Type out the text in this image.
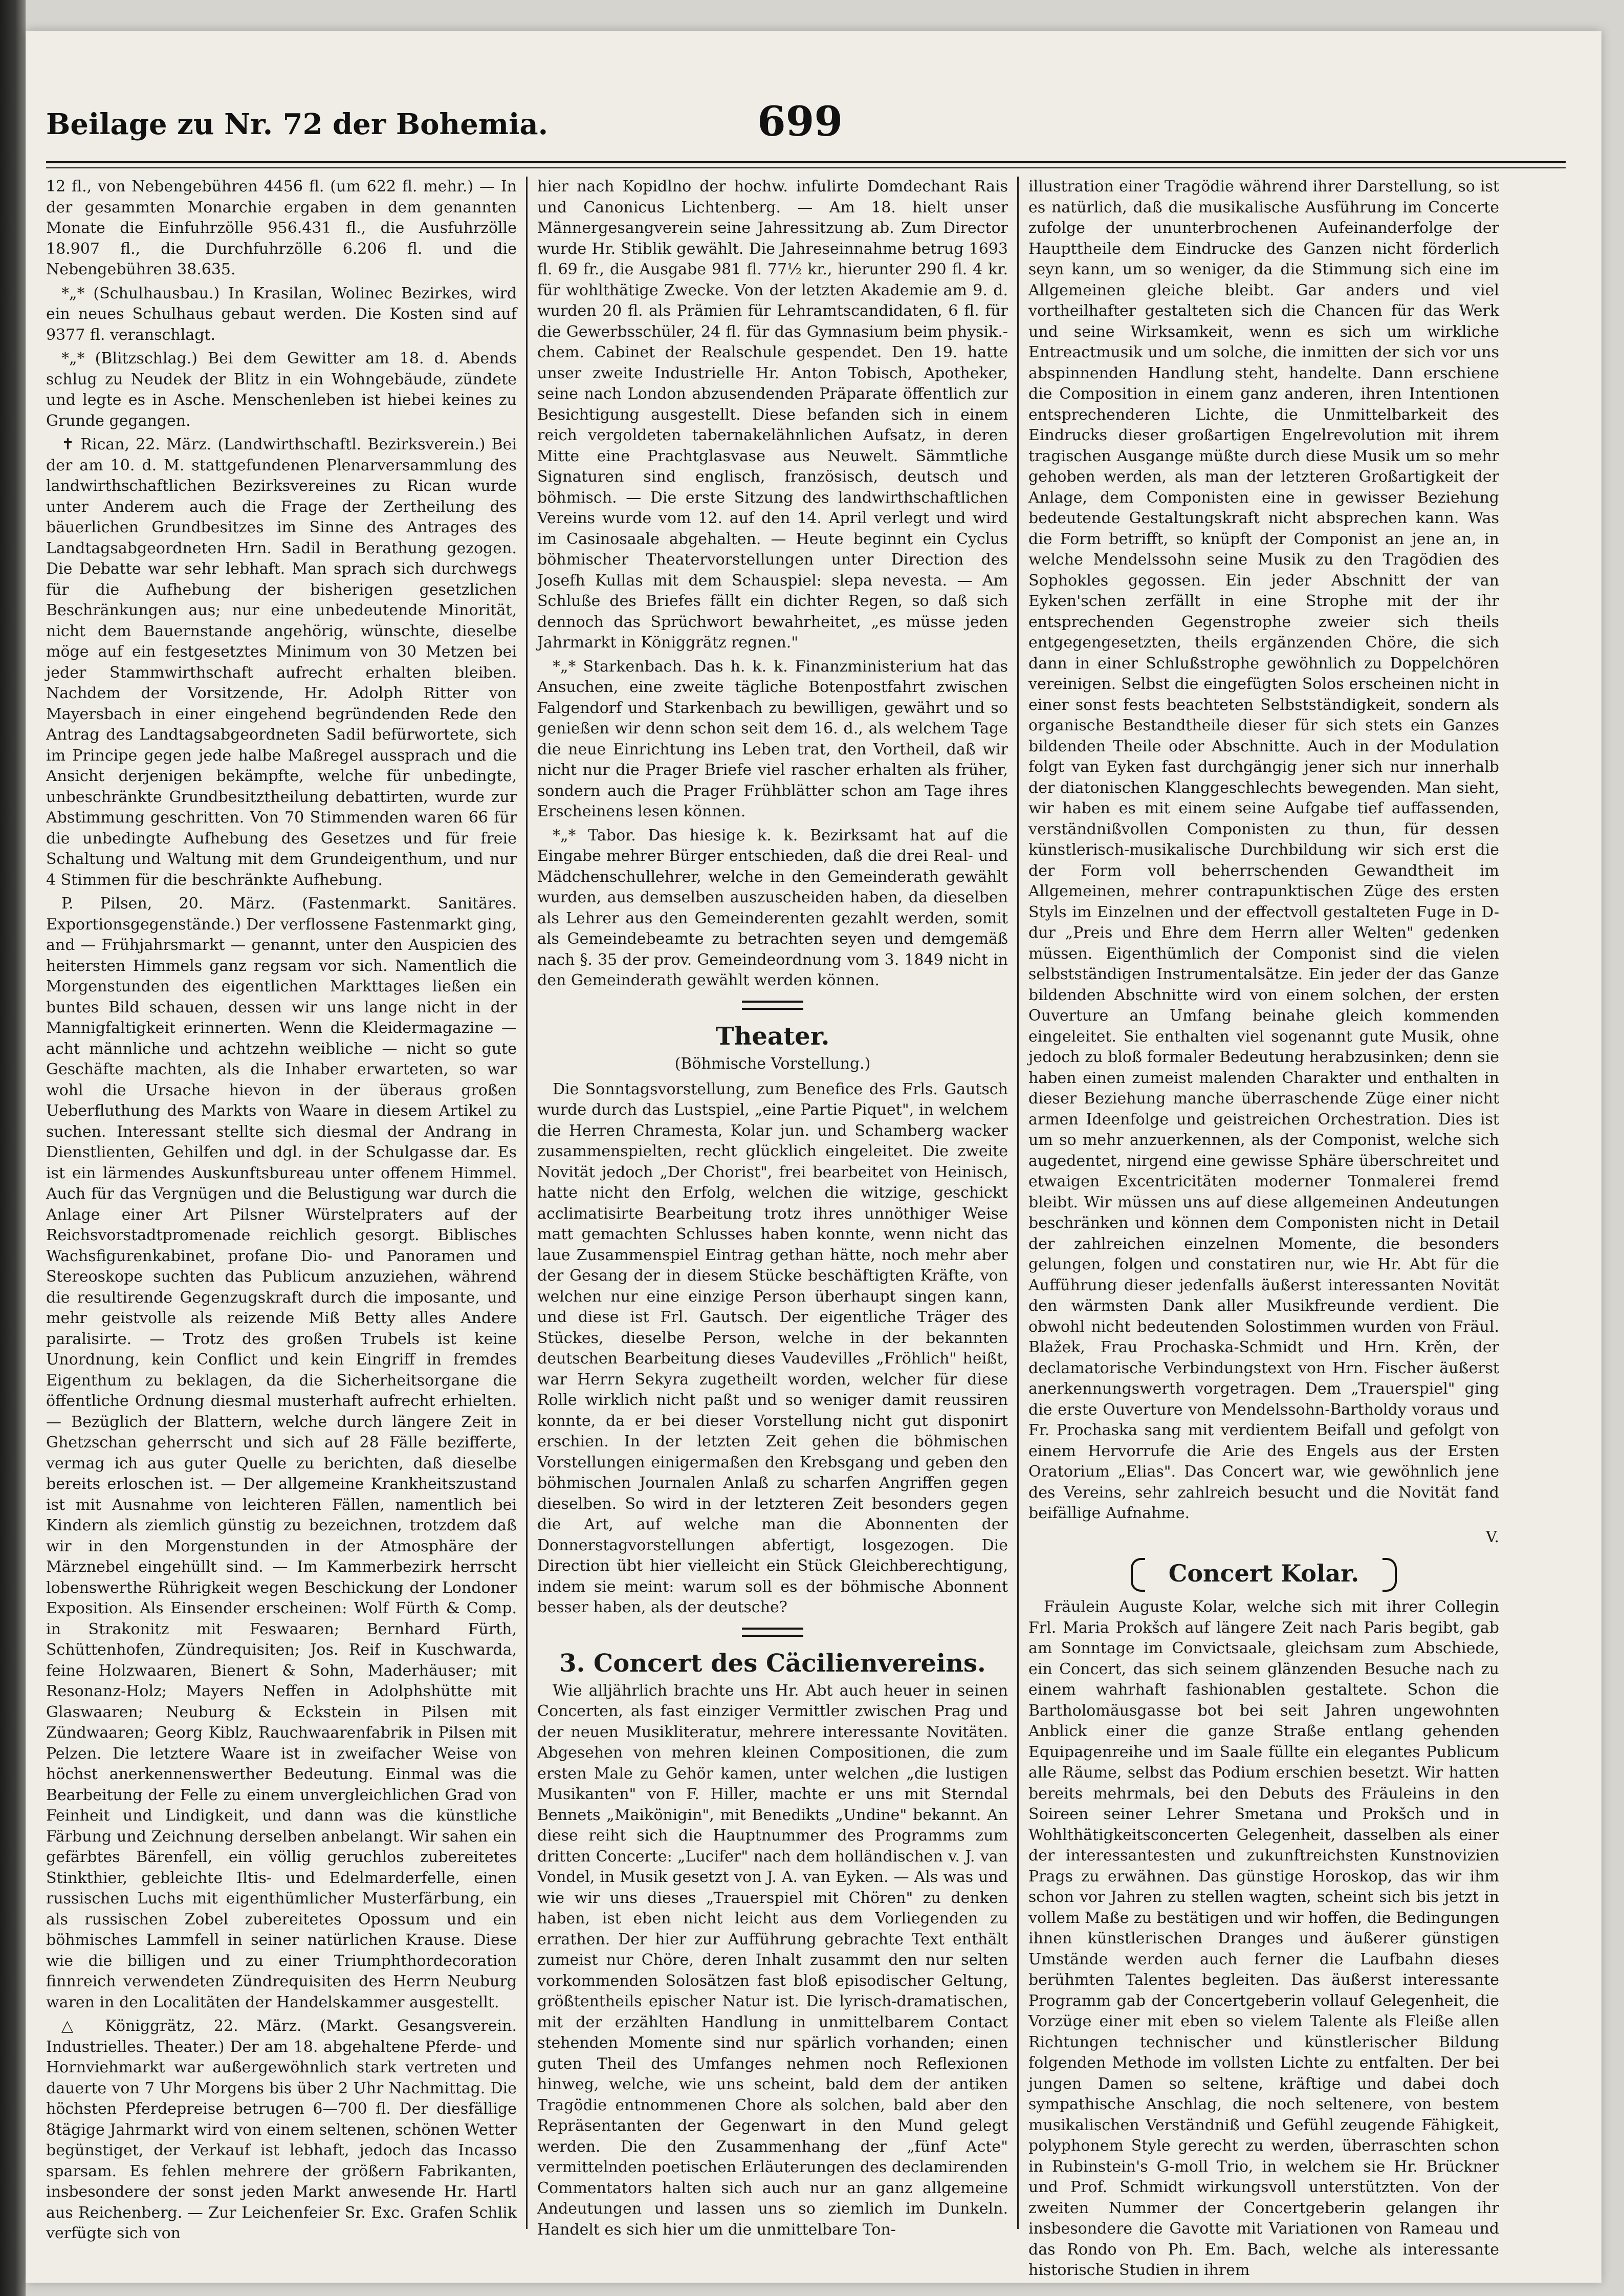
Beilage zu Nr. 72 der Bohemia.	699

12 fl., von Nebengebühren 4456 fl. (um 622 fl. mehr.) — In der gesammten Monarchie ergaben in dem genannten Monate die Einfuhrzölle 956.431 fl., die Ausfuhrzölle 18.907 fl., die Durchfuhrzölle 6.206 fl. und die Nebengebühren 38.635.

*„* (Schulhausbau.) In Krasilan, Wolinec Bezirkes, wird ein neues Schulhaus gebaut werden. Die Kosten sind auf 9377 fl. veranschlagt.

*„* (Blitzschlag.) Bei dem Gewitter am 18. d. Abends schlug zu Neudek der Blitz in ein Wohngebäude, zündete und legte es in Asche. Menschenleben ist hiebei keines zu Grunde gegangen.

✝ Rican, 22. März. (Landwirthschaftl. Bezirksverein.) Bei der am 10. d. M. stattgefundenen Plenarversammlung des landwirthschaftlichen Bezirksvereines zu Rican wurde unter Anderem auch die Frage der Zertheilung des bäuerlichen Grundbesitzes im Sinne des Antrages des Landtagsabgeordneten Hrn. Sadil in Berathung gezogen. Die Debatte war sehr lebhaft. Man sprach sich durchwegs für die Aufhebung der bisherigen gesetzlichen Beschränkungen aus; nur eine unbedeutende Minorität, nicht dem Bauernstande angehörig, wünschte, dieselbe möge auf ein festgesetztes Minimum von 30 Metzen bei jeder Stammwirthschaft aufrecht erhalten bleiben. Nachdem der Vorsitzende, Hr. Adolph Ritter von Mayersbach in einer eingehend begründenden Rede den Antrag des Landtagsabgeordneten Sadil befürwortete, sich im Principe gegen jede halbe Maßregel aussprach und die Ansicht derjenigen bekämpfte, welche für unbedingte, unbeschränkte Grundbesitztheilung debattirten, wurde zur Abstimmung geschritten. Von 70 Stimmenden waren 66 für die unbedingte Aufhebung des Gesetzes und für freie Schaltung und Waltung mit dem Grundeigenthum, und nur 4 Stimmen für die beschränkte Aufhebung.

P. Pilsen, 20. März. (Fastenmarkt. Sanitäres. Exportionsgegenstände.) Der verflossene Fastenmarkt ging, and — Frühjahrsmarkt — genannt, unter den Auspicien des heitersten Himmels ganz regsam vor sich. Namentlich die Morgenstunden des eigentlichen Markttages ließen ein buntes Bild schauen, dessen wir uns lange nicht in der Mannigfaltigkeit erinnerten. Wenn die Kleidermagazine — acht männliche und achtzehn weibliche — nicht so gute Geschäfte machten, als die Inhaber erwarteten, so war wohl die Ursache hievon in der überaus großen Ueberfluthung des Markts von Waare in diesem Artikel zu suchen. Interessant stellte sich diesmal der Andrang in Dienstlienten, Gehilfen und dgl. in der Schulgasse dar. Es ist ein lärmendes Auskunftsbureau unter offenem Himmel. Auch für das Vergnügen und die Belustigung war durch die Anlage einer Art Pilsner Würstelpraters auf der Reichsvorstadtpromenade reichlich gesorgt. Biblisches Wachsfigurenkabinet, profane Dio- und Panoramen und Stereoskope suchten das Publicum anzuziehen, während die resultirende Gegenzugskraft durch die imposante, und mehr geistvolle als reizende Miß Betty alles Andere paralisirte. — Trotz des großen Trubels ist keine Unordnung, kein Conflict und kein Eingriff in fremdes Eigenthum zu beklagen, da die Sicherheitsorgane die öffentliche Ordnung diesmal musterhaft aufrecht erhielten. — Bezüglich der Blattern, welche durch längere Zeit in Ghetzschan geherrscht und sich auf 28 Fälle bezifferte, vermag ich aus guter Quelle zu berichten, daß dieselbe bereits erloschen ist. — Der allgemeine Krankheitszustand ist mit Ausnahme von leichteren Fällen, namentlich bei Kindern als ziemlich günstig zu bezeichnen, trotzdem daß wir in den Morgenstunden in der Atmosphäre der Märznebel eingehüllt sind. — Im Kammerbezirk herrscht lobenswerthe Rührigkeit wegen Beschickung der Londoner Exposition. Als Einsender erscheinen: Wolf Fürth & Comp. in Strakonitz mit Feswaaren; Bernhard Fürth, Schüttenhofen, Zündrequisiten; Jos. Reif in Kuschwarda, feine Holzwaaren, Bienert & Sohn, Maderhäuser; mit Resonanz-Holz; Mayers Neffen in Adolphshütte mit Glaswaaren; Neuburg & Eckstein in Pilsen mit Zündwaaren; Georg Kiblz, Rauchwaarenfabrik in Pilsen mit Pelzen. Die letztere Waare ist in zweifacher Weise von höchst anerkennenswerther Bedeutung. Einmal was die Bearbeitung der Felle zu einem unvergleichlichen Grad von Feinheit und Lindigkeit, und dann was die künstliche Färbung und Zeichnung derselben anbelangt. Wir sahen ein gefärbtes Bärenfell, ein völlig geruchlos zubereitetes Stinkthier, gebleichte Iltis- und Edelmarderfelle, einen russischen Luchs mit eigenthümlicher Musterfärbung, ein als russischen Zobel zubereitetes Opossum und ein böhmisches Lammfell in seiner natürlichen Krause. Diese wie die billigen und zu einer Triumphthordecoration finnreich verwendeten Zündrequisiten des Herrn Neuburg waren in den Localitäten der Handelskammer ausgestellt.

△ Königgrätz, 22. März. (Markt. Gesangsverein. Industrielles. Theater.) Der am 18. abgehaltene Pferde- und Hornviehmarkt war außergewöhnlich stark vertreten und dauerte von 7 Uhr Morgens bis über 2 Uhr Nachmittag. Die höchsten Pferdepreise betrugen 6—700 fl. Der diesfällige 8tägige Jahrmarkt wird von einem seltenen, schönen Wetter begünstiget, der Verkauf ist lebhaft, jedoch das Incasso sparsam. Es fehlen mehrere der größern Fabrikanten, insbesondere der sonst jeden Markt anwesende Hr. Hartl aus Reichenberg. — Zur Leichenfeier Sr. Exc. Grafen Schlik verfügte sich von

hier nach Kopidlno der hochw. infulirte Domdechant Rais und Canonicus Lichtenberg. — Am 18. hielt unser Männergesangverein seine Jahressitzung ab. Zum Director wurde Hr. Stiblik gewählt. Die Jahreseinnahme betrug 1693 fl. 69 fr., die Ausgabe 981 fl. 77½ kr., hierunter 290 fl. 4 kr. für wohlthätige Zwecke. Von der letzten Akademie am 9. d. wurden 20 fl. als Prämien für Lehramtscandidaten, 6 fl. für die Gewerbsschüler, 24 fl. für das Gymnasium beim physik.-chem. Cabinet der Realschule gespendet. Den 19. hatte unser zweite Industrielle Hr. Anton Tobisch, Apotheker, seine nach London abzusendenden Präparate öffentlich zur Besichtigung ausgestellt. Diese befanden sich in einem reich vergoldeten tabernakelähnlichen Aufsatz, in deren Mitte eine Prachtglasvase aus Neuwelt. Sämmtliche Signaturen sind englisch, französisch, deutsch und böhmisch. — Die erste Sitzung des landwirthschaftlichen Vereins wurde vom 12. auf den 14. April verlegt und wird im Casinosaale abgehalten. — Heute beginnt ein Cyclus böhmischer Theatervorstellungen unter Direction des Josefh Kullas mit dem Schauspiel: slepa nevesta. — Am Schluße des Briefes fällt ein dichter Regen, so daß sich dennoch das Sprüchwort bewahrheitet, „es müsse jeden Jahrmarkt in Königgrätz regnen."

*„* Starkenbach. Das h. k. k. Finanzministerium hat das Ansuchen, eine zweite tägliche Botenpostfahrt zwischen Falgendorf und Starkenbach zu bewilligen, gewährt und so genießen wir denn schon seit dem 16. d., als welchem Tage die neue Einrichtung ins Leben trat, den Vortheil, daß wir nicht nur die Prager Briefe viel rascher erhalten als früher, sondern auch die Prager Frühblätter schon am Tage ihres Erscheinens lesen können.

*„* Tabor. Das hiesige k. k. Bezirksamt hat auf die Eingabe mehrer Bürger entschieden, daß die drei Real- und Mädchenschullehrer, welche in den Gemeinderath gewählt wurden, aus demselben auszuscheiden haben, da dieselben als Lehrer aus den Gemeinderenten gezahlt werden, somit als Gemeindebeamte zu betrachten seyen und demgemäß nach §. 35 der prov. Gemeindeordnung vom 3. 1849 nicht in den Gemeinderath gewählt werden können.

Theater.
(Böhmische Vorstellung.)

Die Sonntagsvorstellung, zum Benefice des Frls. Gautsch wurde durch das Lustspiel, „eine Partie Piquet", in welchem die Herren Chramesta, Kolar jun. und Schamberg wacker zusammenspielten, recht glücklich eingeleitet. Die zweite Novität jedoch „Der Chorist", frei bearbeitet von Heinisch, hatte nicht den Erfolg, welchen die witzige, geschickt acclimatisirte Bearbeitung trotz ihres unnöthiger Weise matt gemachten Schlusses haben konnte, wenn nicht das laue Zusammenspiel Eintrag gethan hätte, noch mehr aber der Gesang der in diesem Stücke beschäftigten Kräfte, von welchen nur eine einzige Person überhaupt singen kann, und diese ist Frl. Gautsch. Der eigentliche Träger des Stückes, dieselbe Person, welche in der bekannten deutschen Bearbeitung dieses Vaudevilles „Fröhlich" heißt, war Herrn Sekyra zugetheilt worden, welcher für diese Rolle wirklich nicht paßt und so weniger damit reussiren konnte, da er bei dieser Vorstellung nicht gut disponirt erschien. In der letzten Zeit gehen die böhmischen Vorstellungen einigermaßen den Krebsgang und geben den böhmischen Journalen Anlaß zu scharfen Angriffen gegen dieselben. So wird in der letzteren Zeit besonders gegen die Art, auf welche man die Abonnenten der Donnerstagvorstellungen abfertigt, losgezogen. Die Direction übt hier vielleicht ein Stück Gleichberechtigung, indem sie meint: warum soll es der böhmische Abonnent besser haben, als der deutsche?

3. Concert des Cäcilienvereins.

Wie alljährlich brachte uns Hr. Abt auch heuer in seinen Concerten, als fast einziger Vermittler zwischen Prag und der neuen Musikliteratur, mehrere interessante Novitäten. Abgesehen von mehren kleinen Compositionen, die zum ersten Male zu Gehör kamen, unter welchen „die lustigen Musikanten" von F. Hiller, machte er uns mit Sterndal Bennets „Maikönigin", mit Benedikts „Undine" bekannt. An diese reiht sich die Hauptnummer des Programms zum dritten Concerte: „Lucifer" nach dem holländischen v. J. van Vondel, in Musik gesetzt von J. A. van Eyken. — Als was und wie wir uns dieses „Trauerspiel mit Chören" zu denken haben, ist eben nicht leicht aus dem Vorliegenden zu errathen. Der hier zur Aufführung gebrachte Text enthält zumeist nur Chöre, deren Inhalt zusammt den nur selten vorkommenden Solosätzen fast bloß episodischer Geltung, größtentheils epischer Natur ist. Die lyrisch-dramatischen, mit der erzählten Handlung in unmittelbarem Contact stehenden Momente sind nur spärlich vorhanden; einen guten Theil des Umfanges nehmen noch Reflexionen hinweg, welche, wie uns scheint, bald dem der antiken Tragödie entnommenen Chore als solchen, bald aber den Repräsentanten der Gegenwart in den Mund gelegt werden. Die den Zusammenhang der „fünf Acte" vermittelnden poetischen Erläuterungen des declamirenden Commentators halten sich auch nur an ganz allgemeine Andeutungen und lassen uns so ziemlich im Dunkeln. Handelt es sich hier um die unmittelbare Ton-

illustration einer Tragödie während ihrer Darstellung, so ist es natürlich, daß die musikalische Ausführung im Concerte zufolge der ununterbrochenen Aufeinanderfolge der Haupttheile dem Eindrucke des Ganzen nicht förderlich seyn kann, um so weniger, da die Stimmung sich eine im Allgemeinen gleiche bleibt. Gar anders und viel vortheilhafter gestalteten sich die Chancen für das Werk und seine Wirksamkeit, wenn es sich um wirkliche Entreactmusik und um solche, die inmitten der sich vor uns abspinnenden Handlung steht, handelte. Dann erschiene die Composition in einem ganz anderen, ihren Intentionen entsprechenderen Lichte, die Unmittelbarkeit des Eindrucks dieser großartigen Engelrevolution mit ihrem tragischen Ausgange müßte durch diese Musik um so mehr gehoben werden, als man der letzteren Großartigkeit der Anlage, dem Componisten eine in gewisser Beziehung bedeutende Gestaltungskraft nicht absprechen kann. Was die Form betrifft, so knüpft der Componist an jene an, in welche Mendelssohn seine Musik zu den Tragödien des Sophokles gegossen. Ein jeder Abschnitt der van Eyken'schen zerfällt in eine Strophe mit der ihr entsprechenden Gegenstrophe zweier sich theils entgegengesetzten, theils ergänzenden Chöre, die sich dann in einer Schlußstrophe gewöhnlich zu Doppelchören vereinigen. Selbst die eingefügten Solos erscheinen nicht in einer sonst fests beachteten Selbstständigkeit, sondern als organische Bestandtheile dieser für sich stets ein Ganzes bildenden Theile oder Abschnitte. Auch in der Modulation folgt van Eyken fast durchgängig jener sich nur innerhalb der diatonischen Klanggeschlechts bewegenden. Man sieht, wir haben es mit einem seine Aufgabe tief auffassenden, verständnißvollen Componisten zu thun, für dessen künstlerisch-musikalische Durchbildung wir sich erst die der Form voll beherrschenden Gewandtheit im Allgemeinen, mehrer contrapunktischen Züge des ersten Styls im Einzelnen und der effectvoll gestalteten Fuge in D-dur „Preis und Ehre dem Herrn aller Welten" gedenken müssen. Eigenthümlich der Componist sind die vielen selbstständigen Instrumentalsätze. Ein jeder der das Ganze bildenden Abschnitte wird von einem solchen, der ersten Ouverture an Umfang beinahe gleich kommenden eingeleitet. Sie enthalten viel sogenannt gute Musik, ohne jedoch zu bloß formaler Bedeutung herabzusinken; denn sie haben einen zumeist malenden Charakter und enthalten in dieser Beziehung manche überraschende Züge einer nicht armen Ideenfolge und geistreichen Orchestration. Dies ist um so mehr anzuerkennen, als der Componist, welche sich augedentet, nirgend eine gewisse Sphäre überschreitet und etwaigen Excentricitäten moderner Tonmalerei fremd bleibt. Wir müssen uns auf diese allgemeinen Andeutungen beschränken und können dem Componisten nicht in Detail der zahlreichen einzelnen Momente, die besonders gelungen, folgen und constatiren nur, wie Hr. Abt für die Aufführung dieser jedenfalls äußerst interessanten Novität den wärmsten Dank aller Musikfreunde verdient. Die obwohl nicht bedeutenden Solostimmen wurden von Fräul. Blažek, Frau Prochaska-Schmidt und Hrn. Krěn, der declamatorische Verbindungstext von Hrn. Fischer äußerst anerkennungswerth vorgetragen. Dem „Trauerspiel" ging die erste Ouverture von Mendelssohn-Bartholdy voraus und Fr. Prochaska sang mit verdientem Beifall und gefolgt von einem Hervorrufe die Arie des Engels aus der Ersten Oratorium „Elias". Das Concert war, wie gewöhnlich jene des Vereins, sehr zahlreich besucht und die Novität fand beifällige Aufnahme.

V.

Concert Kolar.

Fräulein Auguste Kolar, welche sich mit ihrer Collegin Frl. Maria Prokšch auf längere Zeit nach Paris begibt, gab am Sonntage im Convictsaale, gleichsam zum Abschiede, ein Concert, das sich seinem glänzenden Besuche nach zu einem wahrhaft fashionablen gestaltete. Schon die Bartholomäusgasse bot bei seit Jahren ungewohnten Anblick einer die ganze Straße entlang gehenden Equipagenreihe und im Saale füllte ein elegantes Publicum alle Räume, selbst das Podium erschien besetzt. Wir hatten bereits mehrmals, bei den Debuts des Fräuleins in den Soireen seiner Lehrer Smetana und Prokšch und in Wohlthätigkeitsconcerten Gelegenheit, dasselben als einer der interessantesten und zukunftreichsten Kunstnovizien Prags zu erwähnen. Das günstige Horoskop, das wir ihm schon vor Jahren zu stellen wagten, scheint sich bis jetzt in vollem Maße zu bestätigen und wir hoffen, die Bedingungen ihnen künstlerischen Dranges und äußerer günstigen Umstände werden auch ferner die Laufbahn dieses berühmten Talentes begleiten. Das äußerst interessante Programm gab der Concertgeberin vollauf Gelegenheit, die Vorzüge einer mit eben so vielem Talente als Fleiße allen Richtungen technischer und künstlerischer Bildung folgenden Methode im vollsten Lichte zu entfalten. Der bei jungen Damen so seltene, kräftige und dabei doch sympathische Anschlag, die noch seltenere, von bestem musikalischen Verständniß und Gefühl zeugende Fähigkeit, polyphonem Style gerecht zu werden, überraschten schon in Rubinstein's G-moll Trio, in welchem sie Hr. Brückner und Prof. Schmidt wirkungsvoll unterstützten. Von der zweiten Nummer der Concertgeberin gelangen ihr insbesondere die Gavotte mit Variationen von Rameau und das Rondo von Ph. Em. Bach, welche als interessante historische Studien in ihrem
